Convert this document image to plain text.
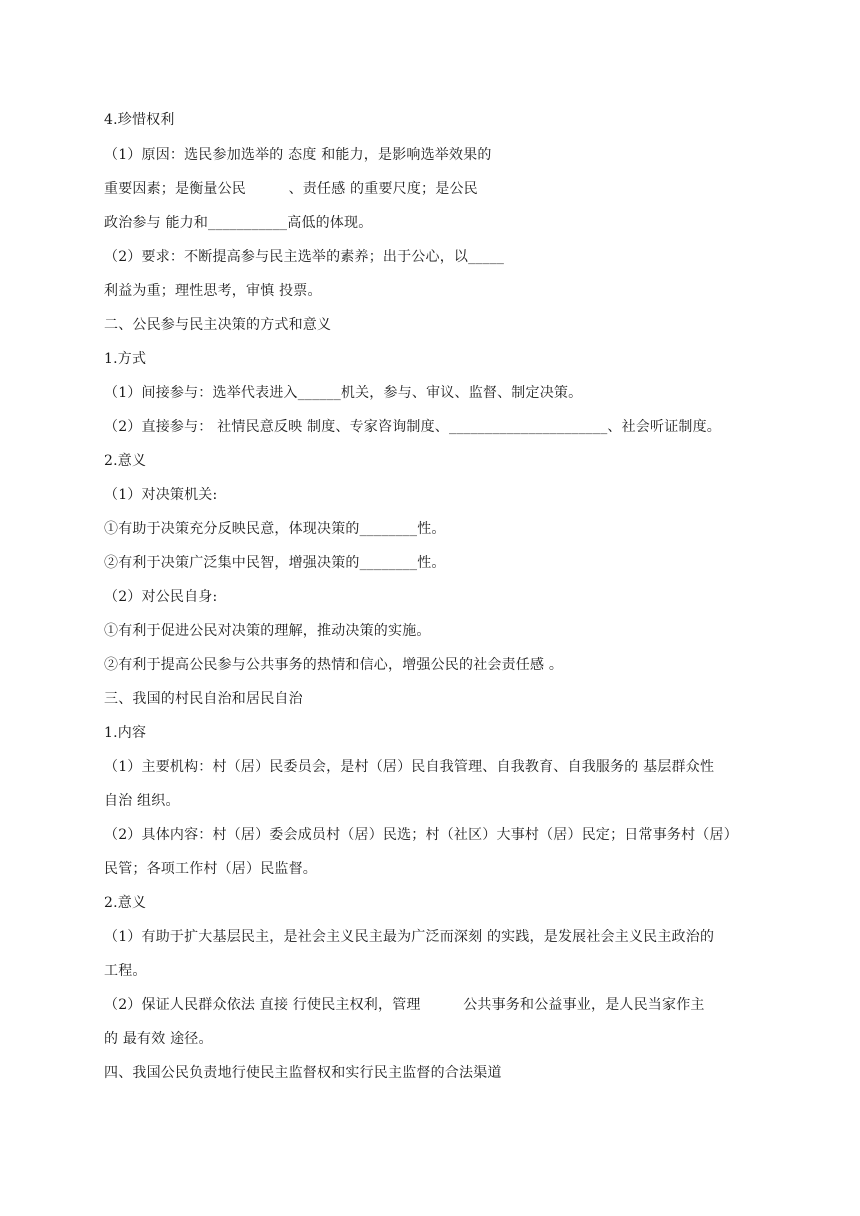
4.珍惜权利
（1）原因：选民参加选举的 态度 和能力，是影响选举效果的
重要因素；是衡量公民　　　、责任感 的重要尺度；是公民
政治参与 能力和___________高低的体现。
（2）要求：不断提高参与民主选举的素养；出于公心，以_____
利益为重；理性思考，审慎 投票。
二、公民参与民主决策的方式和意义
1.方式
（1）间接参与：选举代表进入______机关，参与、审议、监督、制定决策。
（2）直接参与： 社情民意反映 制度、专家咨询制度、______________________、社会听证制度。
2.意义
（1）对决策机关:
①有助于决策充分反映民意，体现决策的________性。
②有利于决策广泛集中民智，增强决策的________性。
（2）对公民自身:
①有利于促进公民对决策的理解，推动决策的实施。
②有利于提高公民参与公共事务的热情和信心，增强公民的社会责任感 。
三、我国的村民自治和居民自治
1.内容
（1）主要机构：村（居）民委员会，是村（居）民自我管理、自我教育、自我服务的 基层群众性
自治 组织。
（2）具体内容：村（居）委会成员村（居）民选；村（社区）大事村（居）民定；日常事务村（居）
民管；各项工作村（居）民监督。
2.意义
（1）有助于扩大基层民主，是社会主义民主最为广泛而深刻 的实践，是发展社会主义民主政治的
工程。
（2）保证人民群众依法 直接 行使民主权利，管理　　　公共事务和公益事业，是人民当家作主
的 最有效 途径。
四、我国公民负责地行使民主监督权和实行民主监督的合法渠道
